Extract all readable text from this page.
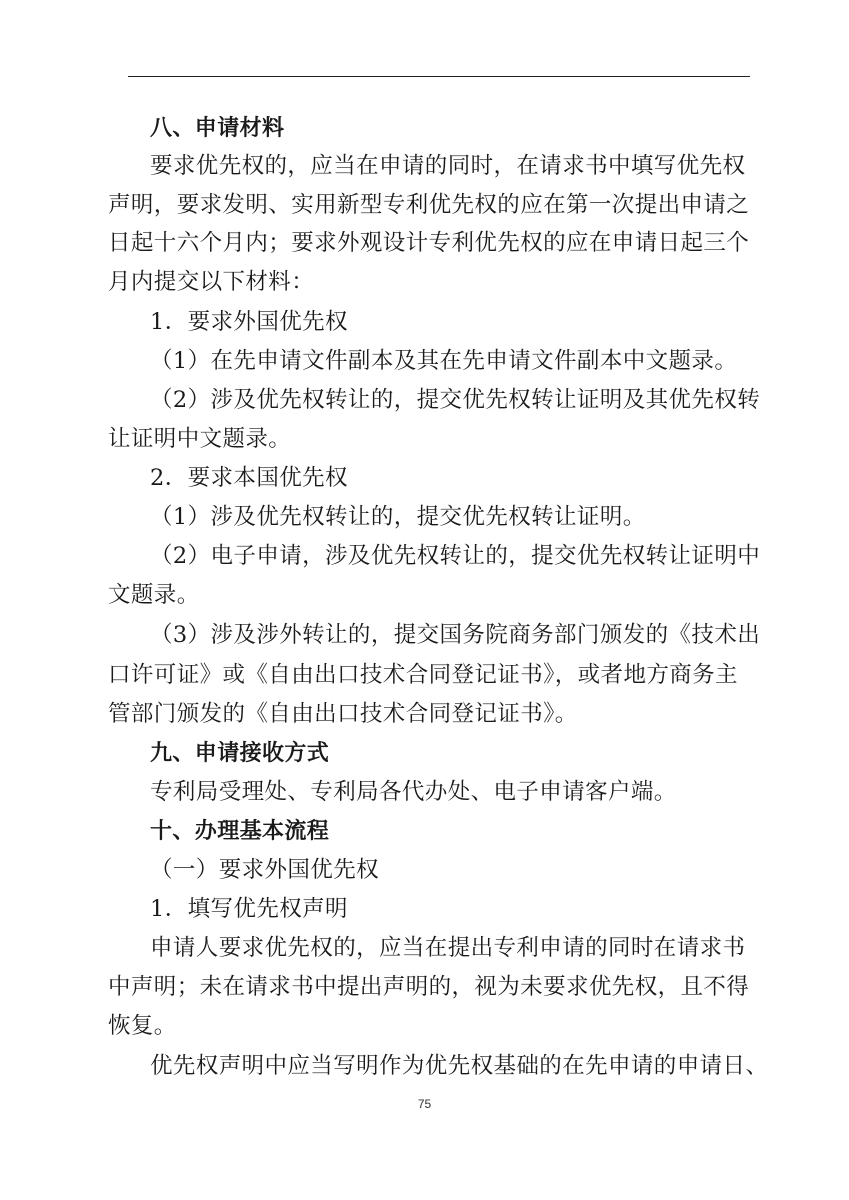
八、申请材料
要求优先权的，应当在申请的同时，在请求书中填写优先权
声明，要求发明、实用新型专利优先权的应在第一次提出申请之
日起十六个月内；要求外观设计专利优先权的应在申请日起三个
月内提交以下材料：
1．要求外国优先权
（1）在先申请文件副本及其在先申请文件副本中文题录。
（2）涉及优先权转让的，提交优先权转让证明及其优先权转
让证明中文题录。
2．要求本国优先权
（1）涉及优先权转让的，提交优先权转让证明。
（2）电子申请，涉及优先权转让的，提交优先权转让证明中
文题录。
（3）涉及涉外转让的，提交国务院商务部门颁发的《技术出
口许可证》或《自由出口技术合同登记证书》，或者地方商务主
管部门颁发的《自由出口技术合同登记证书》。
九、申请接收方式
专利局受理处、专利局各代办处、电子申请客户端。
十、办理基本流程
（一）要求外国优先权
1．填写优先权声明
申请人要求优先权的，应当在提出专利申请的同时在请求书
中声明；未在请求书中提出声明的，视为未要求优先权，且不得
恢复。
优先权声明中应当写明作为优先权基础的在先申请的申请日、
75
